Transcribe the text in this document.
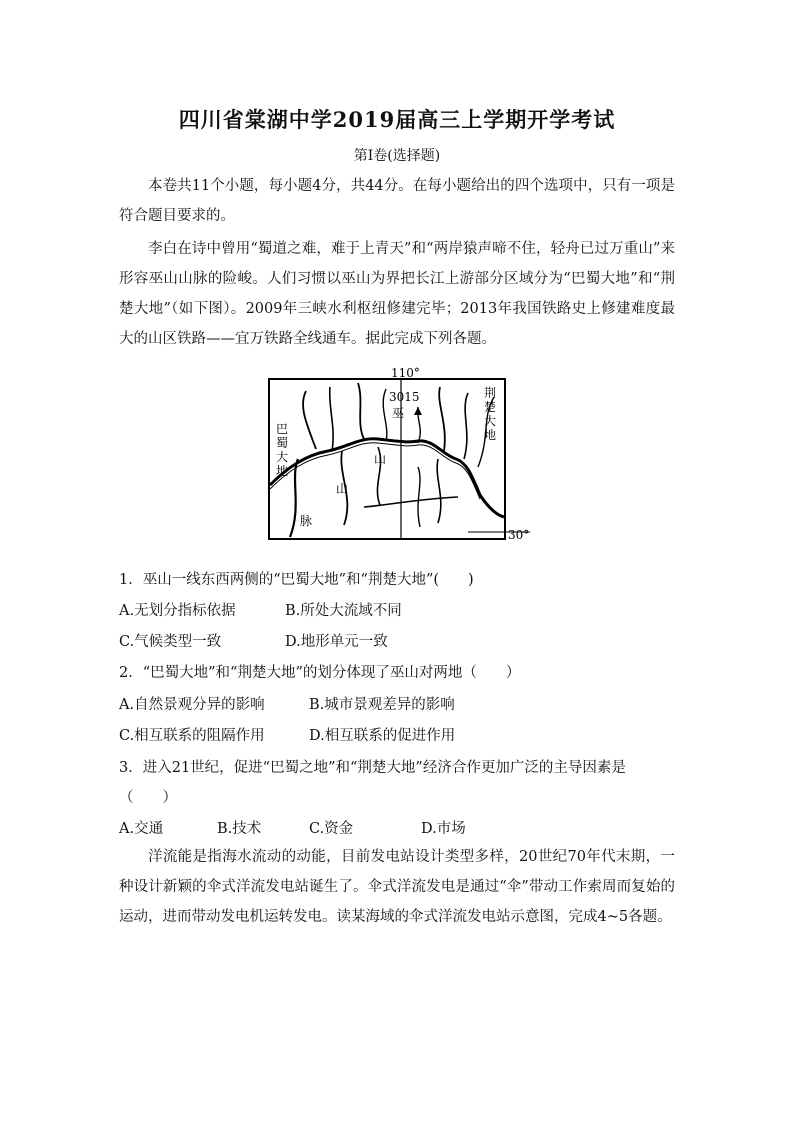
四川省棠湖中学2019届高三上学期开学考试
第Ⅰ卷(选择题)
本卷共11个小题，每小题4分，共44分。在每小题给出的四个选项中，只有一项是符合题目要求的。
李白在诗中曾用“蜀道之难，难于上青天”和“两岸猿声啼不住，轻舟已过万重山”来形容巫山山脉的险峻。人们习惯以巫山为界把长江上游部分区域分为“巴蜀大地”和“荆楚大地”（如下图）。2009年三峡水利枢纽修建完毕；2013年我国铁路史上修建难度最大的山区铁路——宜万铁路全线通车。据此完成下列各题。
110°
30°
3015
巫
山
山
脉
巴
蜀
大
地
荆
楚
大
地
1．巫山一线东西两侧的“巴蜀大地”和“荆楚大地”(　　)
A.无划分指标依据	B.所处大流域不同
C.气候类型一致	D.地形单元一致
2．“巴蜀大地”和“荆楚大地”的划分体现了巫山对两地（　　）
A.自然景观分异的影响	B.城市景观差异的影响
C.相互联系的阻隔作用	D.相互联系的促进作用
3．进入21世纪，促进“巴蜀之地”和“荆楚大地”经济合作更加广泛的主导因素是（　　）
A.交通	B.技术	C.资金	D.市场
洋流能是指海水流动的动能，目前发电站设计类型多样，20世纪70年代末期，一种设计新颖的伞式洋流发电站诞生了。伞式洋流发电是通过“伞”带动工作索周而复始的运动，进而带动发电机运转发电。读某海域的伞式洋流发电站示意图，完成4~5各题。
